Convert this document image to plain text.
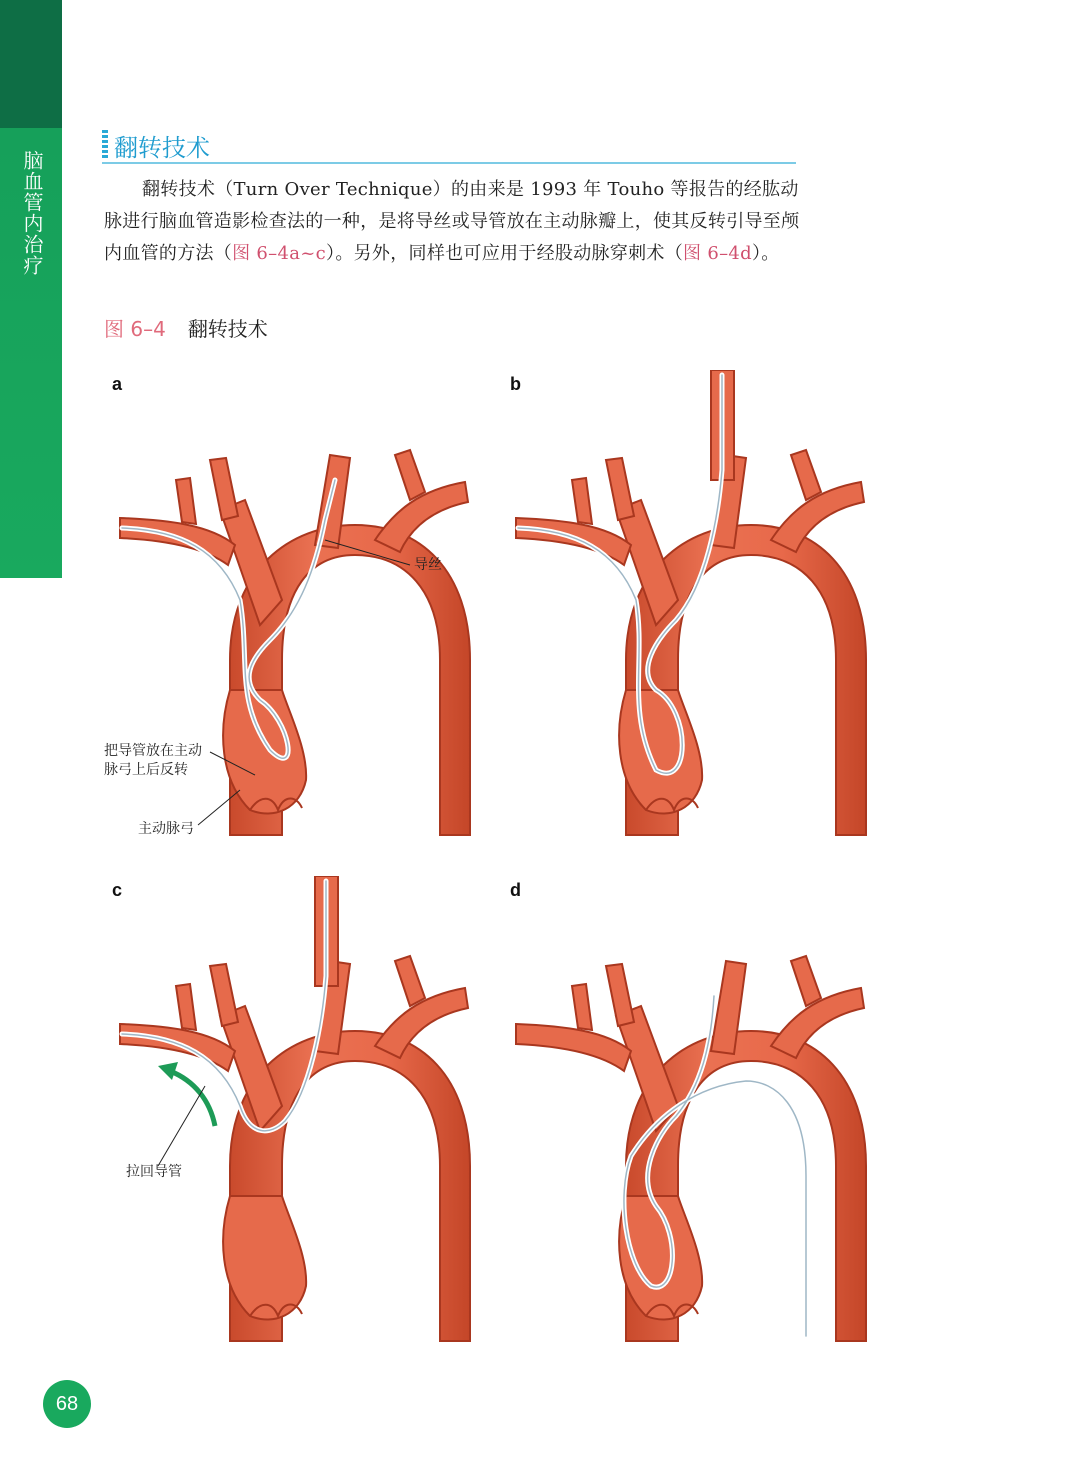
脑血管内治疗
翻转技术
翻转技术（Turn Over Technique）的由来是 1993 年 Touho 等报告的经肱动脉进行脑血管造影检查法的一种，是将导丝或导管放在主动脉瓣上，使其反转引导至颅内血管的方法（图 6–4a~c）。另外，同样也可应用于经股动脉穿刺术（图 6–4d）。
图 6–4 翻转技术
a
导丝
把导管放在主动
脉弓上后反转
主动脉弓
b
c
拉回导管
d
68
